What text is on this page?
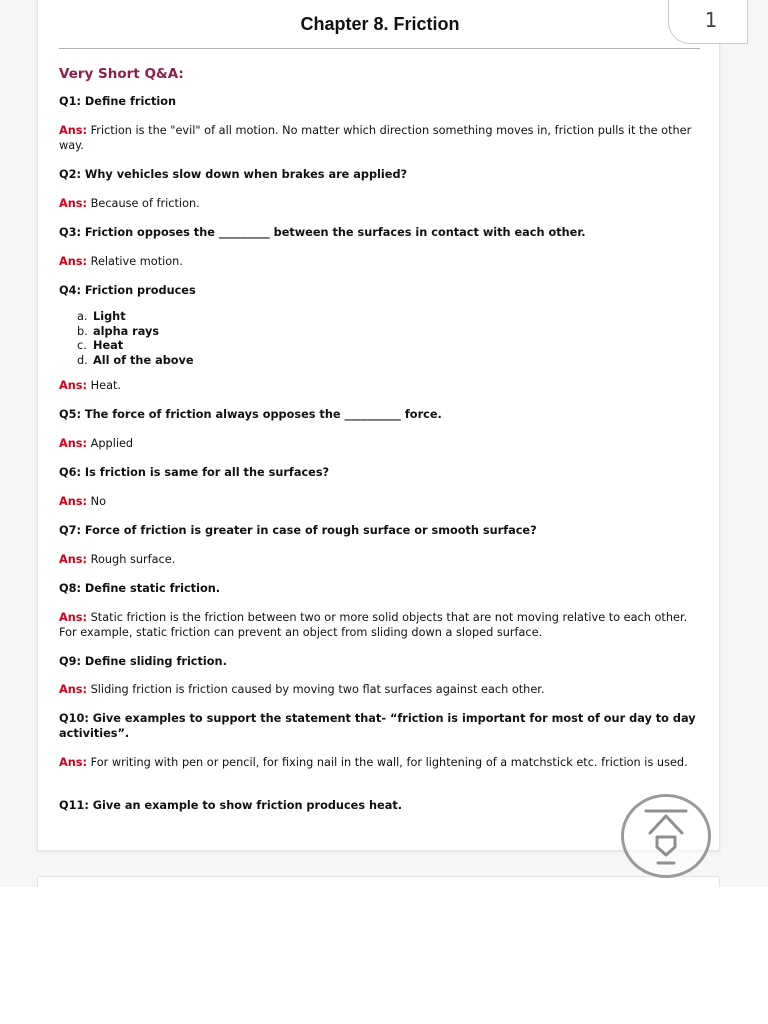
Chapter 8. Friction	1
Very Short Q&A:
Q1: Define friction
Ans: Friction is the "evil" of all motion. No matter which direction something moves in, friction pulls it the other way.
Q2: Why vehicles slow down when brakes are applied?
Ans: Because of friction.
Q3: Friction opposes the _________ between the surfaces in contact with each other.
Ans: Relative motion.
Q4: Friction produces
a. Light
b. alpha rays
c. Heat
d. All of the above
Ans: Heat.
Q5: The force of friction always opposes the __________ force.
Ans: Applied
Q6: Is friction is same for all the surfaces?
Ans: No
Q7: Force of friction is greater in case of rough surface or smooth surface?
Ans: Rough surface.
Q8: Define static friction.
Ans: Static friction is the friction between two or more solid objects that are not moving relative to each other. For example, static friction can prevent an object from sliding down a sloped surface.
Q9: Define sliding friction.
Ans: Sliding friction is friction caused by moving two flat surfaces against each other.
Q10: Give examples to support the statement that- “friction is important for most of our day to day activities”.
Ans: For writing with pen or pencil, for fixing nail in the wall, for lightening of a matchstick etc. friction is used.
Q11: Give an example to show friction produces heat.
